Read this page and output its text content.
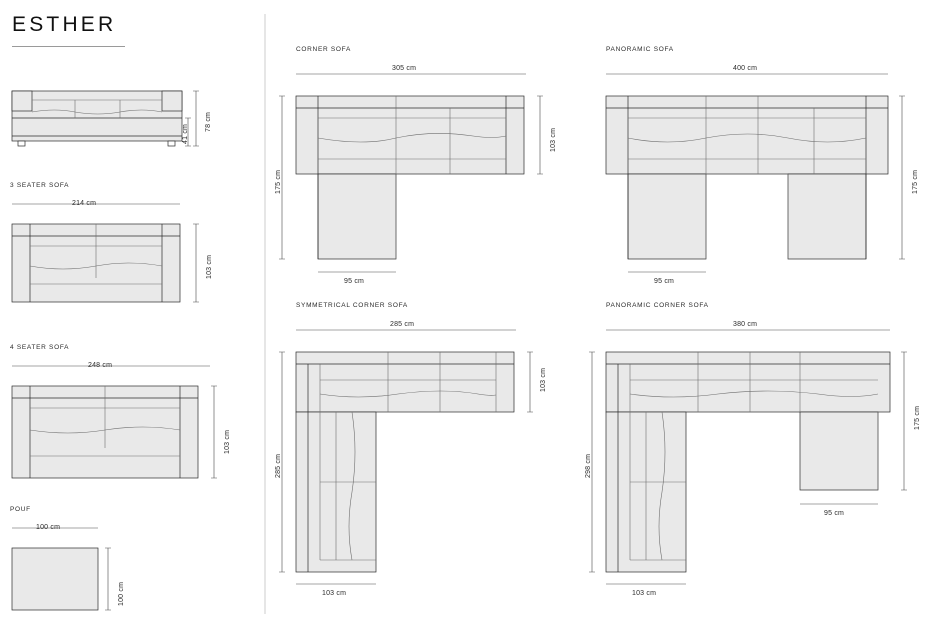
ESTHER
78 cm
41 cm
3 SEATER SOFA
214 cm
103 cm
4 SEATER SOFA
248 cm
103 cm
POUF
100 cm
100 cm
CORNER SOFA
305 cm
175 cm
103 cm
95 cm
PANORAMIC SOFA
400 cm
175 cm
95 cm
SYMMETRICAL CORNER SOFA
285 cm
285 cm
103 cm
103 cm
PANORAMIC CORNER SOFA
380 cm
298 cm
175 cm
95 cm
103 cm
